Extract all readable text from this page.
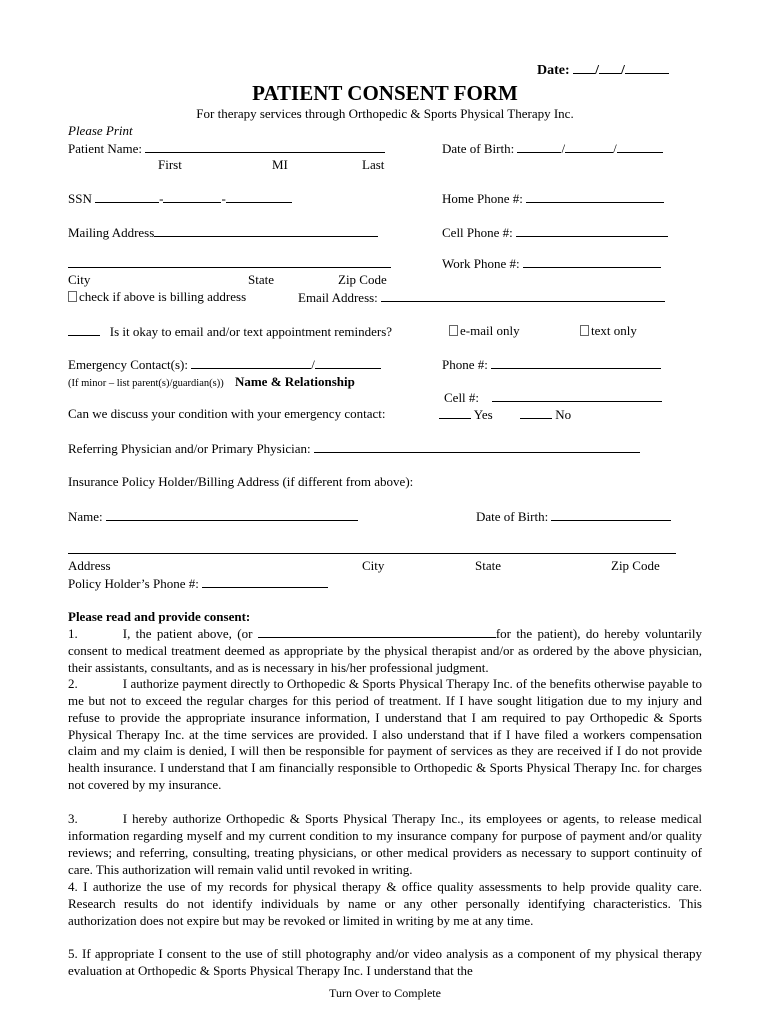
Date: / /
PATIENT CONSENT FORM
For therapy services through Orthopedic & Sports Physical Therapy Inc.
Please Print
Patient Name:	Date of Birth:	/	/
First	MI	Last
SSN	-	-	Home Phone #:
Mailing Address	Cell Phone #:
Work Phone #:
City	State	Zip Code
check if above is billing address	Email Address:
Is it okay to email and/or text appointment reminders?	e-mail only	text only
Emergency Contact(s):	/	Phone #:
(If minor – list parent(s)/guardian(s)) Name & Relationship
Cell #:
Can we discuss your condition with your emergency contact:	Yes	No
Referring Physician and/or Primary Physician:
Insurance Policy Holder/Billing Address (if different from above):
Name:	Date of Birth:
Address	City	State	Zip Code
Policy Holder’s Phone #:
Please read and provide consent:
1.	I, the patient above, (or	for the patient), do hereby voluntarily consent to medical treatment deemed as appropriate by the physical therapist and/or as ordered by the above physician, their assistants, consultants, and as is necessary in his/her professional judgment.
2.	I authorize payment directly to Orthopedic & Sports Physical Therapy Inc. of the benefits otherwise payable to me but not to exceed the regular charges for this period of treatment. If I have sought litigation due to my injury and refuse to provide the appropriate insurance information, I understand that I am required to pay Orthopedic & Sports Physical Therapy Inc. at the time services are provided. I also understand that if I have filed a workers compensation claim and my claim is denied, I will then be responsible for payment of services as they are received if I do not provide health insurance. I understand that I am financially responsible to Orthopedic & Sports Physical Therapy Inc. for charges not covered by my insurance.
3.	I hereby authorize Orthopedic & Sports Physical Therapy Inc., its employees or agents, to release medical information regarding myself and my current condition to my insurance company for purpose of payment and/or quality reviews; and referring, consulting, treating physicians, or other medical providers as necessary to support continuity of care. This authorization will remain valid until revoked in writing.
4. I authorize the use of my records for physical therapy & office quality assessments to help provide quality care. Research results do not identify individuals by name or any other personally identifying characteristics. This authorization does not expire but may be revoked or limited in writing by me at any time.
5. If appropriate I consent to the use of still photography and/or video analysis as a component of my physical therapy evaluation at Orthopedic & Sports Physical Therapy Inc. I understand that the
Turn Over to Complete
